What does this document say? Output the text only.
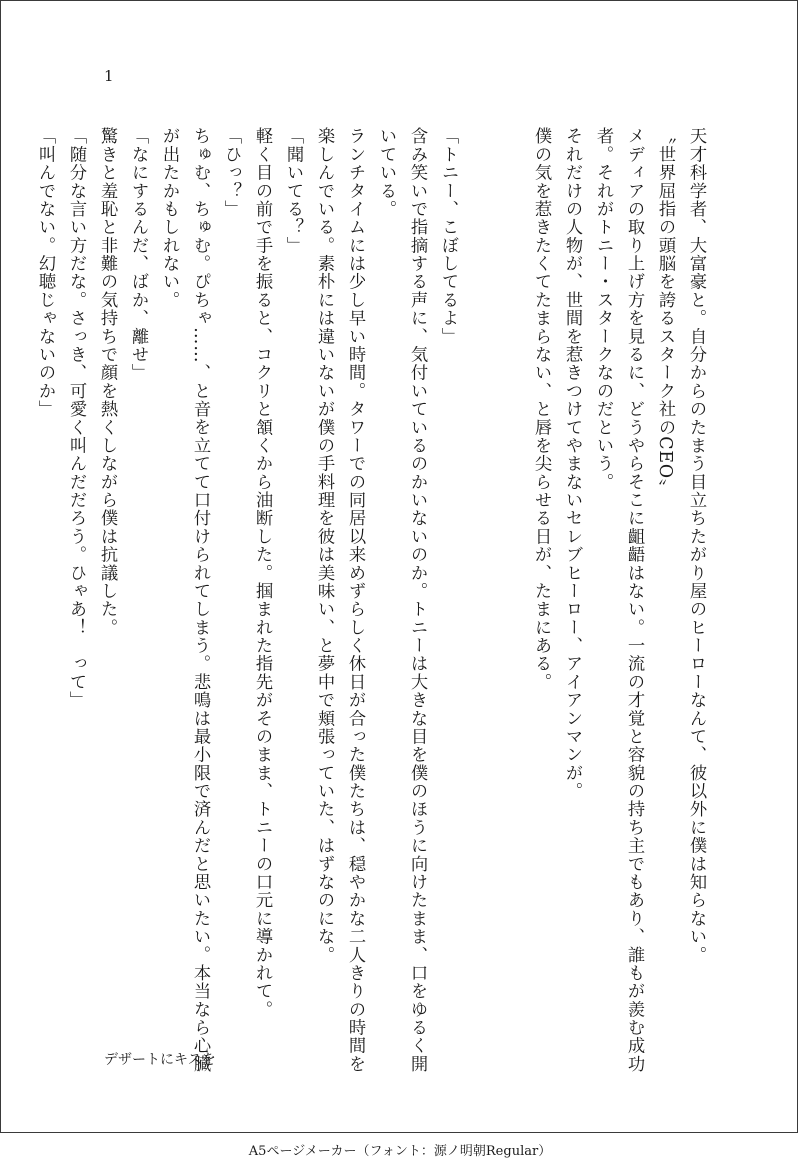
1
天才科学者、大富豪と。自分からのたまう目立ちたがり屋のヒーローなんて、彼以外に僕は知らない。
〝世界屈指の頭脳を誇るスターク社のCEO〟
メディアの取り上げ方を見るに、どうやらそこに齟齬はない。一流の才覚と容貌の持ち主でもあり、誰もが羨む成功
者。それがトニー・スタークなのだという。
それだけの人物が、世間を惹きつけてやまないセレブヒーロー、アイアンマンが。
僕の気を惹きたくてたまらない、と唇を尖らせる日が、たまにある。

「トニー、こぼしてるよ」
含み笑いで指摘する声に、気付いているのかいないのか。トニーは大きな目を僕のほうに向けたまま、口をゆるく開
いている。
ランチタイムには少し早い時間。タワーでの同居以来めずらしく休日が合った僕たちは、穏やかな二人きりの時間を
楽しんでいる。素朴には違いないが僕の手料理を彼は美味い、と夢中で頬張っていた、はずなのにな。
「聞いてる？」
軽く目の前で手を振ると、コクリと頷くから油断した。掴まれた指先がそのまま、トニーの口元に導かれて。
「ひっ？」
ちゅむ、ちゅむ。ぴちゃ……、と音を立てて口付けられてしまう。悲鳴は最小限で済んだと思いたい。本当なら心臓
が出たかもしれない。
「なにするんだ、ばか、離せ」
驚きと羞恥と非難の気持ちで顔を熱くしながら僕は抗議した。
「随分な言い方だな。さっき、可愛く叫んだだろう。ひゃあ！　って」
「叫んでない。幻聴じゃないのか」
デザートにキスを
A5ページメーカー（フォント：源ノ明朝Regular）
